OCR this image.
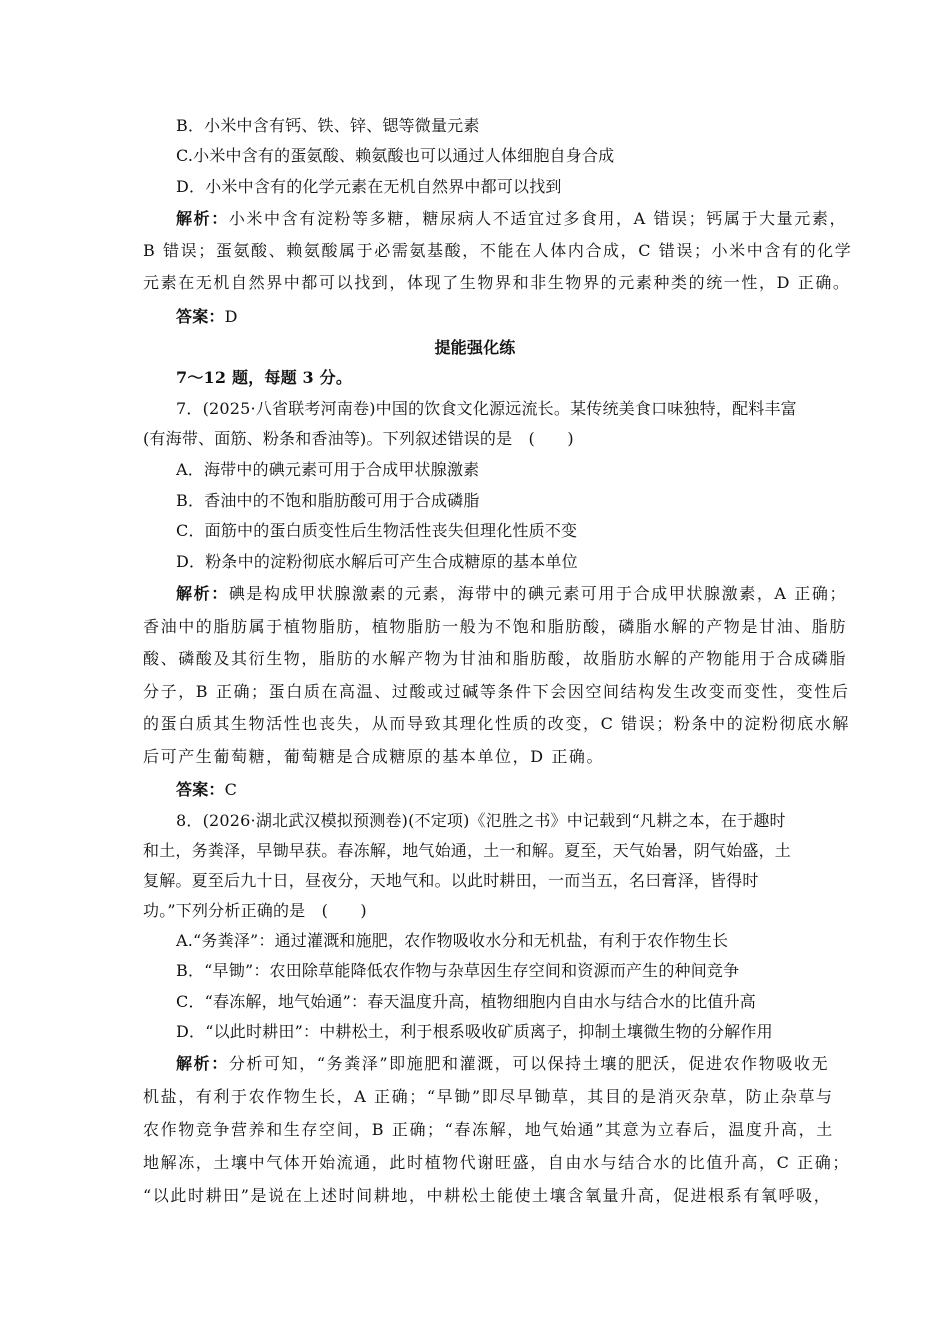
B．小米中含有钙、铁、锌、锶等微量元素
C.小米中含有的蛋氨酸、赖氨酸也可以通过人体细胞自身合成
D．小米中含有的化学元素在无机自然界中都可以找到
解析：小米中含有淀粉等多糖，糖尿病人不适宜过多食用，A 错误；钙属于大量元素，
B 错误；蛋氨酸、赖氨酸属于必需氨基酸，不能在人体内合成，C 错误；小米中含有的化学
元素在无机自然界中都可以找到，体现了生物界和非生物界的元素种类的统一性，D 正确。
答案：D
提能强化练
7～12 题，每题 3 分。
7．(2025·八省联考河南卷)中国的饮食文化源远流长。某传统美食口味独特，配料丰富
(有海带、面筋、粉条和香油等)。下列叙述错误的是　(　　)
A．海带中的碘元素可用于合成甲状腺激素
B．香油中的不饱和脂肪酸可用于合成磷脂
C．面筋中的蛋白质变性后生物活性丧失但理化性质不变
D．粉条中的淀粉彻底水解后可产生合成糖原的基本单位
解析：碘是构成甲状腺激素的元素，海带中的碘元素可用于合成甲状腺激素，A 正确；
香油中的脂肪属于植物脂肪，植物脂肪一般为不饱和脂肪酸，磷脂水解的产物是甘油、脂肪
酸、磷酸及其衍生物，脂肪的水解产物为甘油和脂肪酸，故脂肪水解的产物能用于合成磷脂
分子，B 正确；蛋白质在高温、过酸或过碱等条件下会因空间结构发生改变而变性，变性后
的蛋白质其生物活性也丧失，从而导致其理化性质的改变，C 错误；粉条中的淀粉彻底水解
后可产生葡萄糖，葡萄糖是合成糖原的基本单位，D 正确。
答案：C
8．(2026·湖北武汉模拟预测卷)(不定项)《氾胜之书》中记载到“凡耕之本，在于趣时
和土，务粪泽，早锄早获。春冻解，地气始通，土一和解。夏至，天气始暑，阴气始盛，土
复解。夏至后九十日，昼夜分，天地气和。以此时耕田，一而当五，名曰膏泽，皆得时
功。”下列分析正确的是　(　　)
A.“务粪泽”：通过灌溉和施肥，农作物吸收水分和无机盐，有利于农作物生长
B．“早锄”：农田除草能降低农作物与杂草因生存空间和资源而产生的种间竞争
C．“春冻解，地气始通”：春天温度升高，植物细胞内自由水与结合水的比值升高
D．“以此时耕田”：中耕松土，利于根系吸收矿质离子，抑制土壤微生物的分解作用
解析：分析可知，“务粪泽”即施肥和灌溉，可以保持土壤的肥沃，促进农作物吸收无
机盐，有利于农作物生长，A 正确；“早锄”即尽早锄草，其目的是消灭杂草，防止杂草与
农作物竞争营养和生存空间，B 正确；“春冻解，地气始通”其意为立春后，温度升高，土
地解冻，土壤中气体开始流通，此时植物代谢旺盛，自由水与结合水的比值升高，C 正确；
“以此时耕田”是说在上述时间耕地，中耕松土能使土壤含氧量升高，促进根系有氧呼吸，
